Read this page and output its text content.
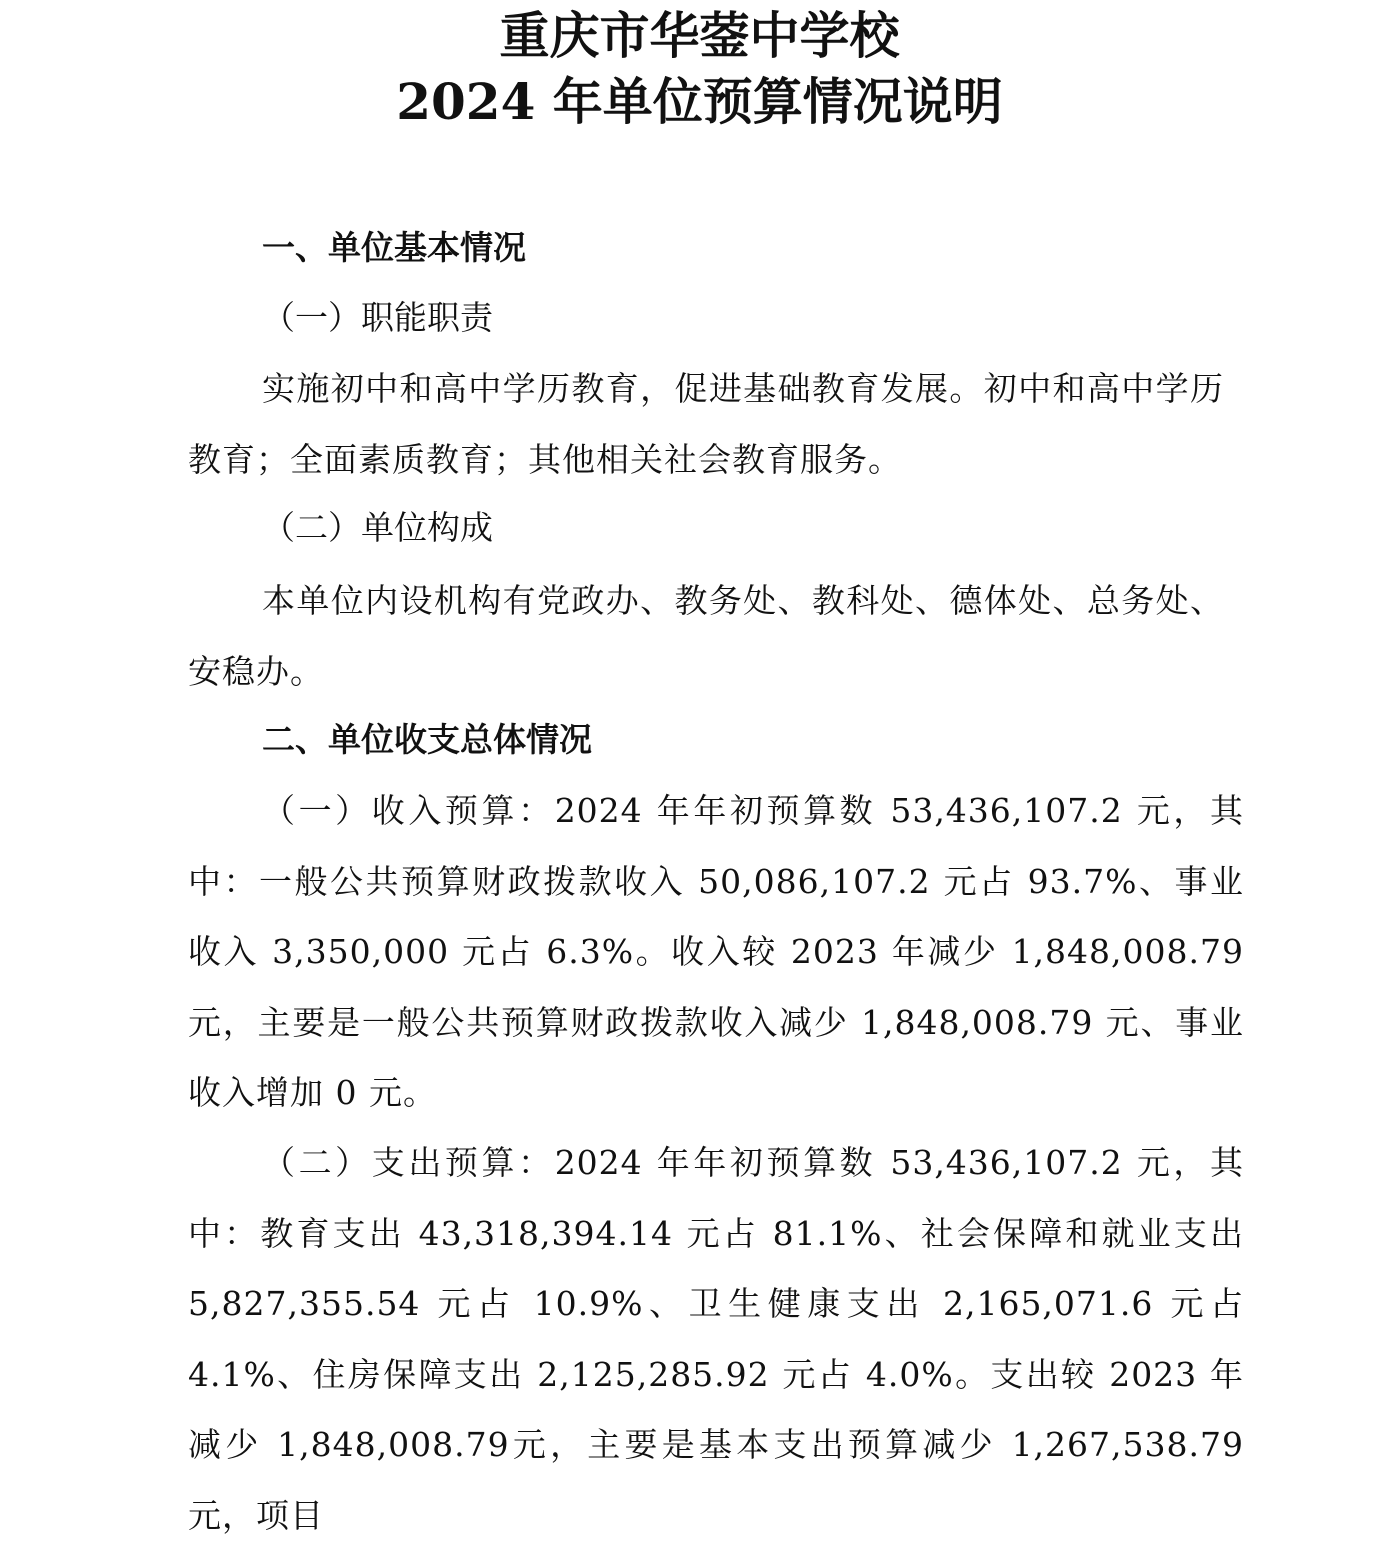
重庆市华蓥中学校
2024 年单位预算情况说明
一、单位基本情况
（一）职能职责
实施初中和高中学历教育，促进基础教育发展。初中和高中学历教育；全面素质教育；其他相关社会教育服务。
（二）单位构成
本单位内设机构有党政办、教务处、教科处、德体处、总务处、安稳办。
二、单位收支总体情况
（一）收入预算：2024 年年初预算数 53,436,107.2 元，其中：一般公共预算财政拨款收入 50,086,107.2 元占 93.7%、事业收入 3,350,000 元占 6.3%。收入较 2023 年减少 1,848,008.79 元，主要是一般公共预算财政拨款收入减少 1,848,008.79 元、事业收入增加 0 元。
（二）支出预算：2024 年年初预算数 53,436,107.2 元，其中：教育支出 43,318,394.14 元占 81.1%、社会保障和就业支出 5,827,355.54 元占 10.9%、卫生健康支出 2,165,071.6 元占 4.1%、住房保障支出 2,125,285.92 元占 4.0%。支出较 2023 年减少 1,848,008.79元，主要是基本支出预算减少 1,267,538.79 元，项目
